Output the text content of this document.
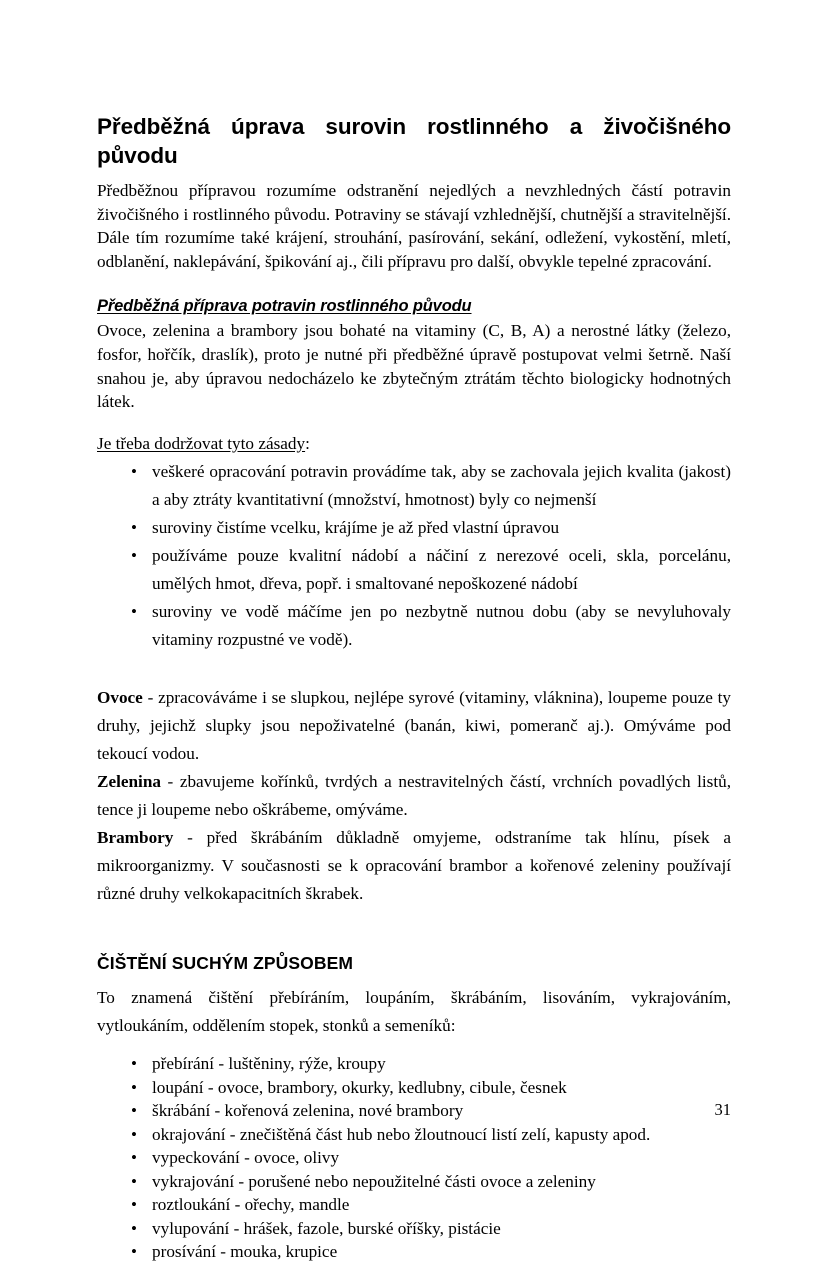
Předběžná úprava surovin rostlinného a živočišného
původu

Předběžnou přípravou rozumíme odstranění nejedlých a nevzhledných částí potravin živočišného i rostlinného původu. Potraviny se stávají vzhlednější, chutnější a stravitelnější. Dále tím rozumíme také krájení, strouhání, pasírování, sekání, odležení, vykostění, mletí, odblanění, naklepávání, špikování aj., čili přípravu pro další, obvykle tepelné zpracování.

Předběžná příprava potravin rostlinného původu

Ovoce, zelenina a brambory jsou bohaté na vitaminy (C, B, A) a nerostné látky (železo, fosfor, hořčík, draslík), proto je nutné při předběžné úpravě postupovat velmi šetrně. Naší snahou je, aby úpravou nedocházelo ke zbytečným ztrátám těchto biologicky hodnotných látek.

Je třeba dodržovat tyto zásady:

• veškeré opracování potravin provádíme tak, aby se zachovala jejich kvalita (jakost) a aby ztráty kvantitativní (množství, hmotnost) byly co nejmenší
• suroviny čistíme vcelku, krájíme je až před vlastní úpravou
• používáme pouze kvalitní nádobí a náčiní z nerezové oceli, skla, porcelánu, umělých hmot, dřeva, popř. i smaltované nepoškozené nádobí
• suroviny ve vodě máčíme jen po nezbytně nutnou dobu (aby se nevyluhovaly vitaminy rozpustné ve vodě).

Ovoce - zpracováváme i se slupkou, nejlépe syrové (vitaminy, vláknina), loupeme pouze ty druhy, jejichž slupky jsou nepoživatelné (banán, kiwi, pomeranč aj.). Omýváme pod tekoucí vodou.

Zelenina - zbavujeme kořínků, tvrdých a nestravitelných částí, vrchních povadlých listů, tence ji loupeme nebo oškrábeme, omýváme.

Brambory - před škrábáním důkladně omyjeme, odstraníme tak hlínu, písek a mikroorganizmy. V současnosti se k opracování brambor a kořenové zeleniny používají různé druhy velkokapacitních škrabek.

ČIŠTĚNÍ SUCHÝM ZPŮSOBEM

To znamená čištění přebíráním, loupáním, škrábáním, lisováním, vykrajováním, vytloukáním, oddělením stopek, stonků a semeníků:

• přebírání - luštěniny, rýže, kroupy
• loupání - ovoce, brambory, okurky, kedlubny, cibule, česnek
• škrábání - kořenová zelenina, nové brambory
• okrajování - znečištěná část hub nebo žloutnoucí listí zelí, kapusty apod.
• vypeckování - ovoce, olivy
• vykrajování - porušené nebo nepoužitelné části ovoce a zeleniny
• roztloukání - ořechy, mandle
• vylupování - hrášek, fazole, burské oříšky, pistácie
• prosívání - mouka, krupice
31
